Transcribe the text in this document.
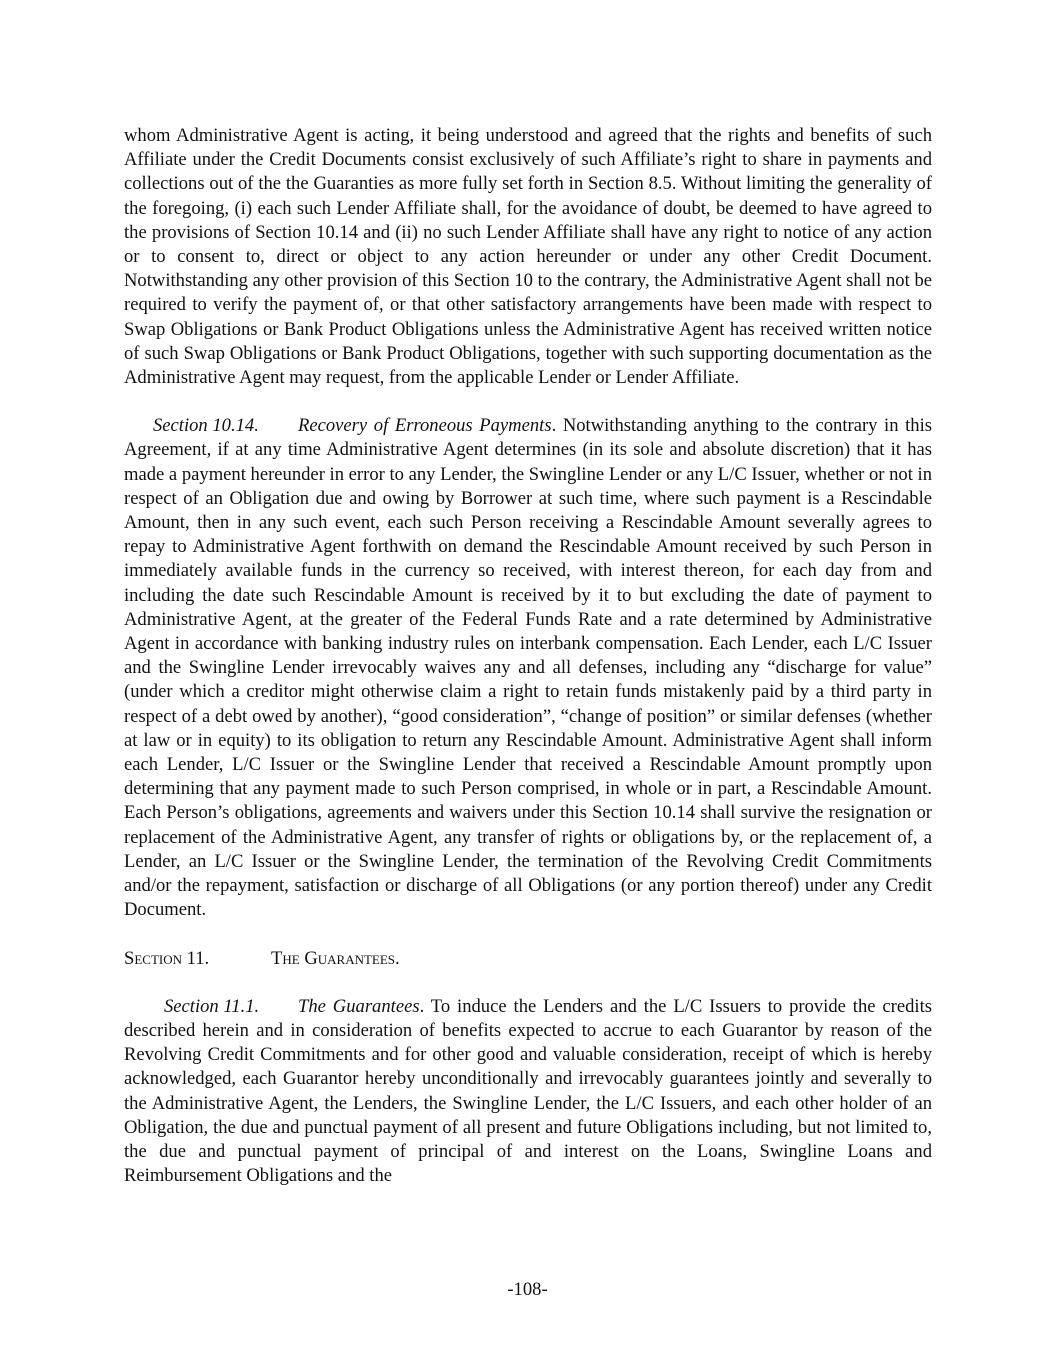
whom Administrative Agent is acting, it being understood and agreed that the rights and benefits of such Affiliate under the Credit Documents consist exclusively of such Affiliate’s right to share in payments and collections out of the the Guaranties as more fully set forth in Section 8.5. Without limiting the generality of the foregoing, (i) each such Lender Affiliate shall, for the avoidance of doubt, be deemed to have agreed to the provisions of Section 10.14 and (ii) no such Lender Affiliate shall have any right to notice of any action or to consent to, direct or object to any action hereunder or under any other Credit Document. Notwithstanding any other provision of this Section 10 to the contrary, the Administrative Agent shall not be required to verify the payment of, or that other satisfactory arrangements have been made with respect to Swap Obligations or Bank Product Obligations unless the Administrative Agent has received written notice of such Swap Obligations or Bank Product Obligations, together with such supporting documentation as the Administrative Agent may request, from the applicable Lender or Lender Affiliate.

Section 10.14. Recovery of Erroneous Payments. Notwithstanding anything to the contrary in this Agreement, if at any time Administrative Agent determines (in its sole and absolute discretion) that it has made a payment hereunder in error to any Lender, the Swingline Lender or any L/C Issuer, whether or not in respect of an Obligation due and owing by Borrower at such time, where such payment is a Rescindable Amount, then in any such event, each such Person receiving a Rescindable Amount severally agrees to repay to Administrative Agent forthwith on demand the Rescindable Amount received by such Person in immediately available funds in the currency so received, with interest thereon, for each day from and including the date such Rescindable Amount is received by it to but excluding the date of payment to Administrative Agent, at the greater of the Federal Funds Rate and a rate determined by Administrative Agent in accordance with banking industry rules on interbank compensation. Each Lender, each L/C Issuer and the Swingline Lender irrevocably waives any and all defenses, including any “discharge for value” (under which a creditor might otherwise claim a right to retain funds mistakenly paid by a third party in respect of a debt owed by another), “good consideration”, “change of position” or similar defenses (whether at law or in equity) to its obligation to return any Rescindable Amount. Administrative Agent shall inform each Lender, L/C Issuer or the Swingline Lender that received a Rescindable Amount promptly upon determining that any payment made to such Person comprised, in whole or in part, a Rescindable Amount. Each Person’s obligations, agreements and waivers under this Section 10.14 shall survive the resignation or replacement of the Administrative Agent, any transfer of rights or obligations by, or the replacement of, a Lender, an L/C Issuer or the Swingline Lender, the termination of the Revolving Credit Commitments and/or the repayment, satisfaction or discharge of all Obligations (or any portion thereof) under any Credit Document.

Section 11.	The Guarantees.

Section 11.1. The Guarantees. To induce the Lenders and the L/C Issuers to provide the credits described herein and in consideration of benefits expected to accrue to each Guarantor by reason of the Revolving Credit Commitments and for other good and valuable consideration, receipt of which is hereby acknowledged, each Guarantor hereby unconditionally and irrevocably guarantees jointly and severally to the Administrative Agent, the Lenders, the Swingline Lender, the L/C Issuers, and each other holder of an Obligation, the due and punctual payment of all present and future Obligations including, but not limited to, the due and punctual payment of principal of and interest on the Loans, Swingline Loans and Reimbursement Obligations and the

-108-
